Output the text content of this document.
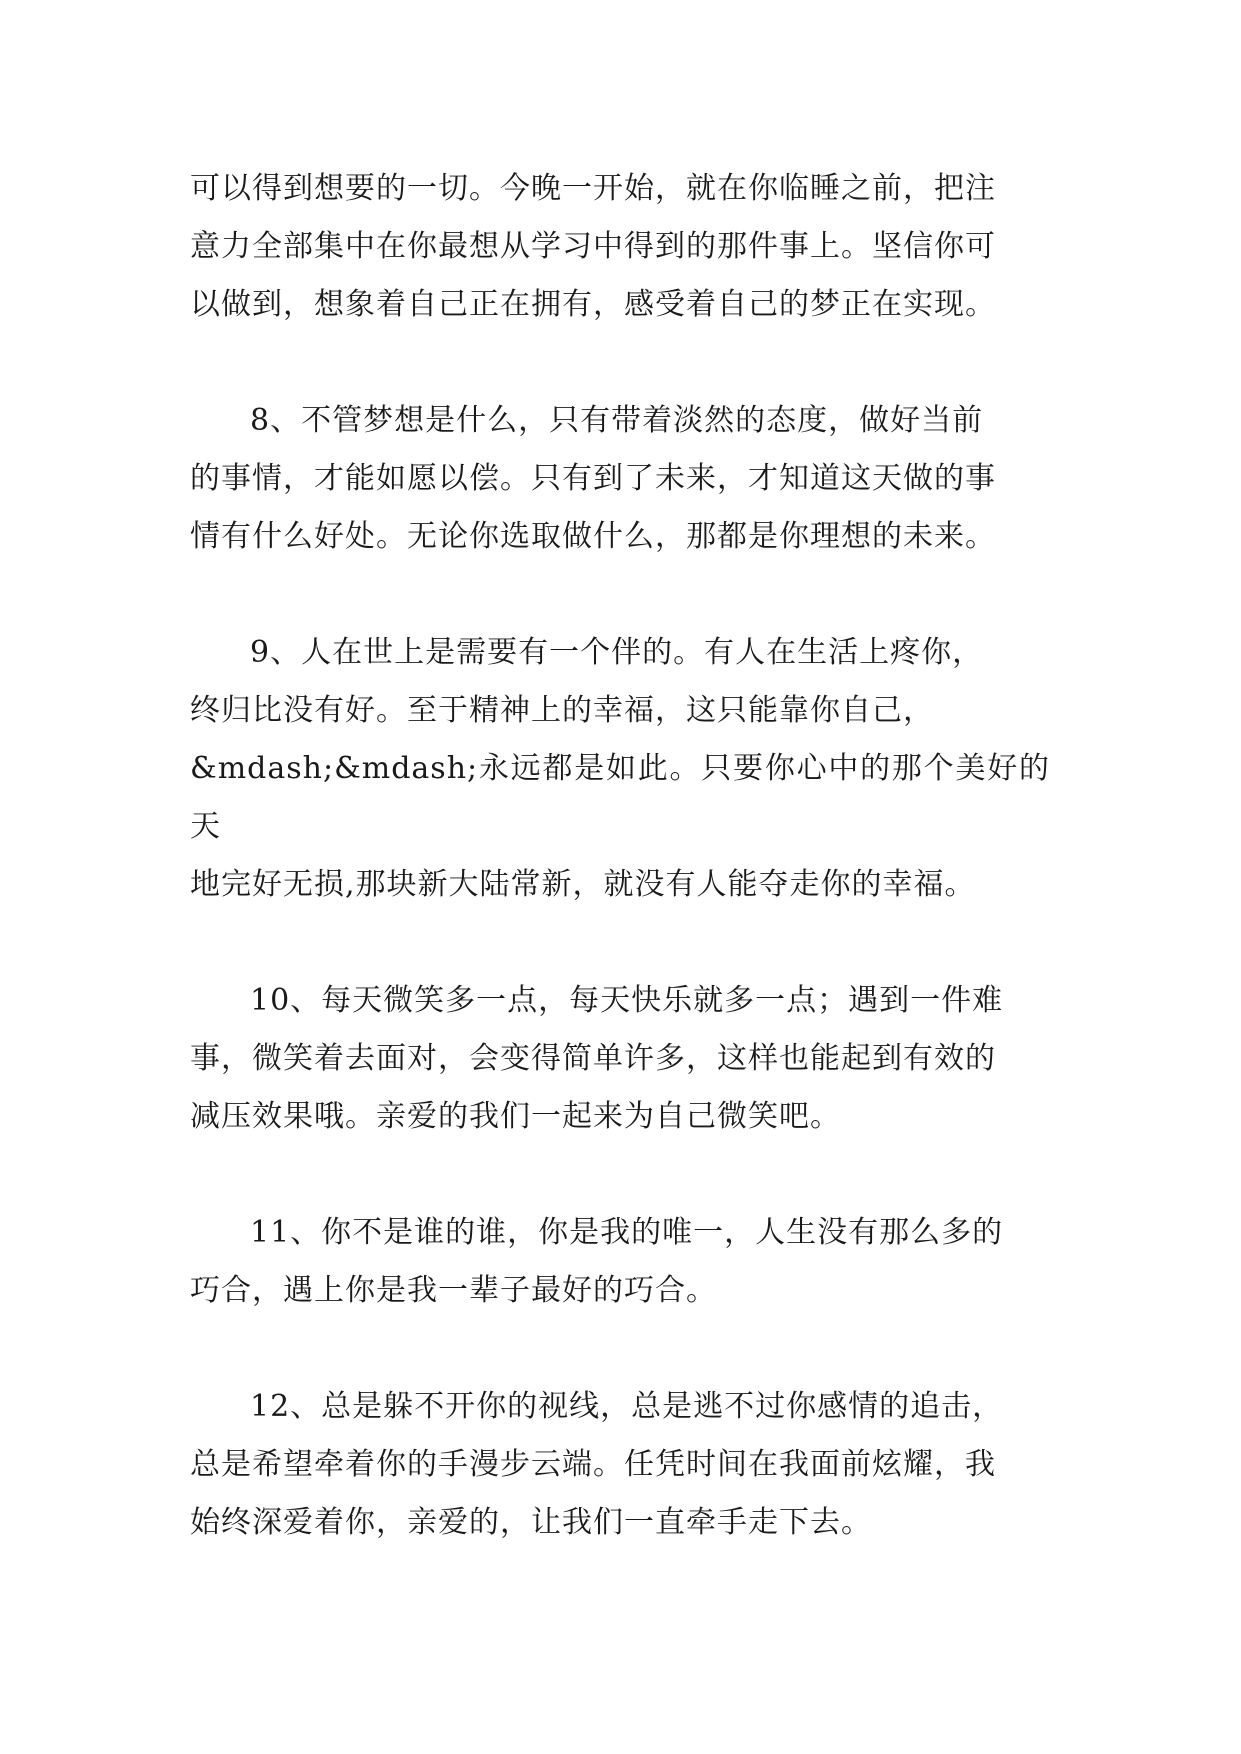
可以得到想要的一切。今晚一开始，就在你临睡之前，把注
意力全部集中在你最想从学习中得到的那件事上。坚信你可
以做到，想象着自己正在拥有，感受着自己的梦正在实现。

8、不管梦想是什么，只有带着淡然的态度，做好当前
的事情，才能如愿以偿。只有到了未来，才知道这天做的事
情有什么好处。无论你选取做什么，那都是你理想的未来。

9、人在世上是需要有一个伴的。有人在生活上疼你，
终归比没有好。至于精神上的幸福，这只能靠你自己，
&mdash;&mdash;永远都是如此。只要你心中的那个美好的天
地完好无损,那块新大陆常新，就没有人能夺走你的幸福。

10、每天微笑多一点，每天快乐就多一点；遇到一件难
事，微笑着去面对，会变得简单许多，这样也能起到有效的
减压效果哦。亲爱的我们一起来为自己微笑吧。

11、你不是谁的谁，你是我的唯一，人生没有那么多的
巧合，遇上你是我一辈子最好的巧合。

12、总是躲不开你的视线，总是逃不过你感情的追击，
总是希望牵着你的手漫步云端。任凭时间在我面前炫耀，我
始终深爱着你，亲爱的，让我们一直牵手走下去。
